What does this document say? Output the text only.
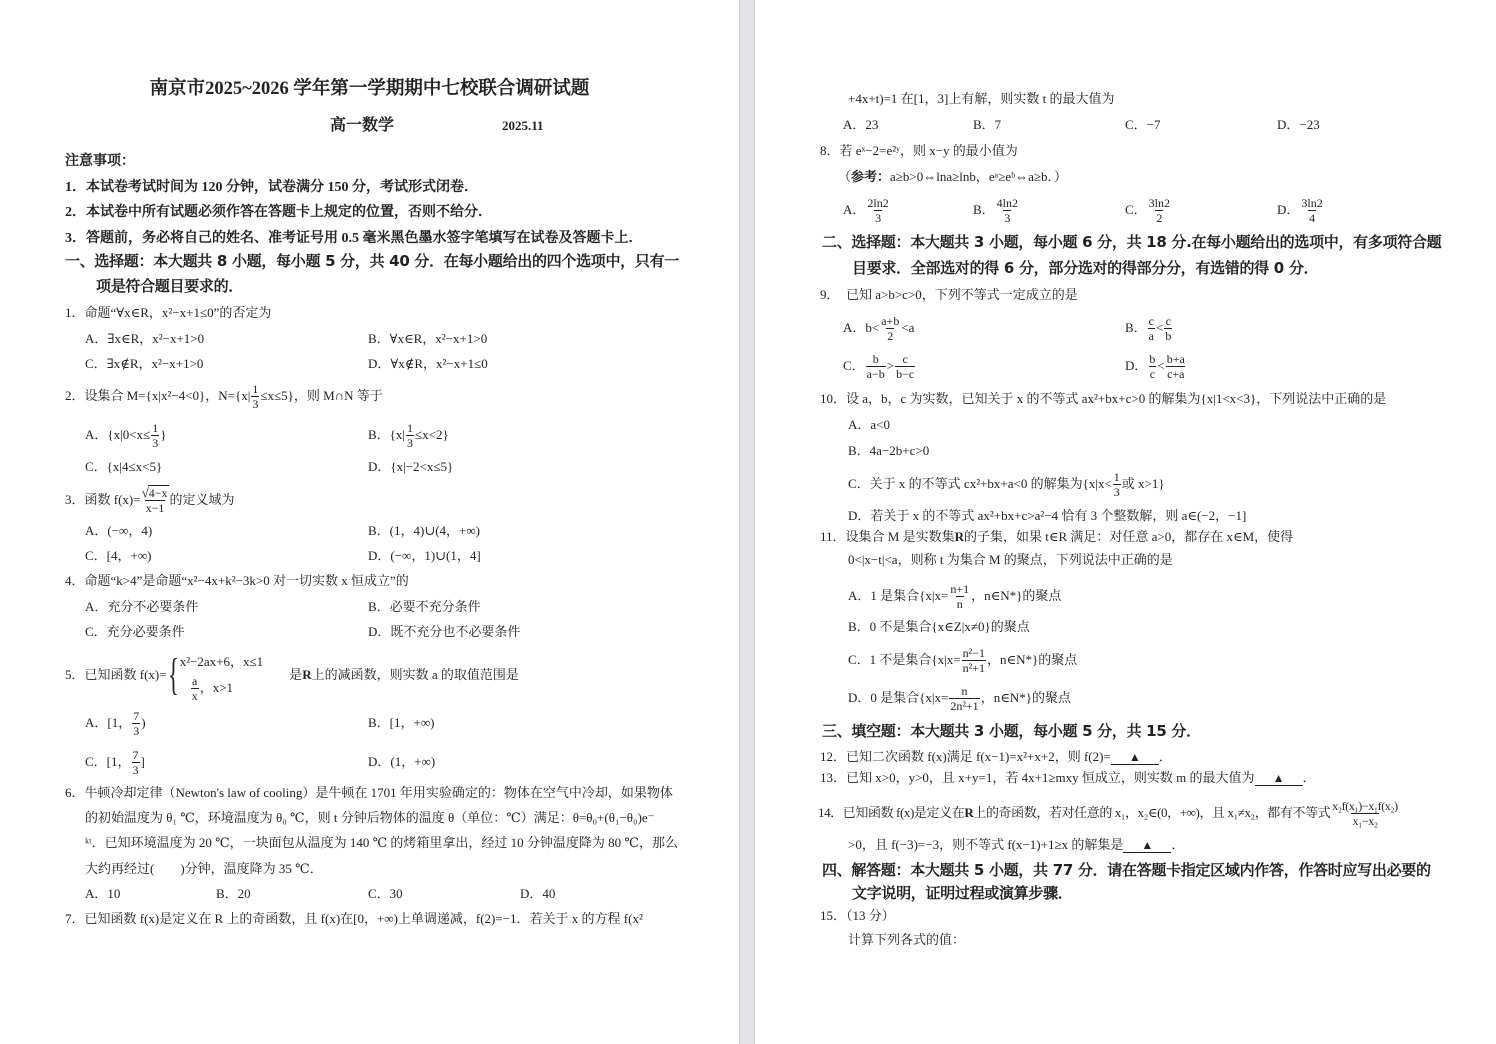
南京市2025~2026 学年第一学期期中七校联合调研试题
高一数学	2025.11
注意事项：
1．本试卷考试时间为 120 分钟，试卷满分 150 分，考试形式闭卷．
2．本试卷中所有试题必须作答在答题卡上规定的位置，否则不给分．
3．答题前，务必将自己的姓名、准考证号用 0.5 毫米黑色墨水签字笔填写在试卷及答题卡上．
一、选择题：本大题共 8 小题，每小题 5 分，共 40 分．在每小题给出的四个选项中，只有一
项是符合题目要求的．
1．命题“∀x∈R，x²−x+1≤0”的否定为
A．∃x∈R，x²−x+1>0	B．∀x∈R，x²−x+1>0
C．∃x∉R，x²−x+1>0	D．∀x∉R，x²−x+1≤0
2．设集合 M={x|x²−4<0}，$N=\{x| \frac{1}{3} \le x\le 5\}$，则 M∩N 等于
A．{$x|0<x\le \frac{1}{3}$ }	B．$\{x| \frac{1}{3} \le x<2\}$
C．{x|4≤x<5}	D．{x|−2<x≤5}
3．函数 $f(x)= \frac{√ 4-x}{x-1}$ 的定义域为
A．(−∞，4)	B．(1，4)∪(4，+∞)
C．[4，+∞)	D．(−∞，1)∪(1，4]
4．命题“k>4”是命题“x²−4x+k²−3k>0 对一切实数 x 恒成立”的
A．充分不必要条件	B．必要不充分条件
C．充分必要条件	D．既不充分也不必要条件
5．已知函数 f(x)= { x²−2ax+6，x≤1
$\frac{a}{x}$ ，x>1
　　是 R 上的减函数，则实数 a 的取值范围是
A．[1， $\frac{7}{3}$ )	B．[1，+∞)
C．[1， $\frac{7}{3}$ ]	D．(1，+∞)
6．牛顿冷却定律（Newton's law of cooling）是牛顿在 1701 年用实验确定的：物体在空气中冷却，如果物体
的初始温度为 θ₁ ℃，环境温度为 θ₀ ℃，则 t 分钟后物体的温度 θ（单位：℃）满足：θ=θ₀+(θ₁−θ₀)e⁻
ᵏᵗ．已知环境温度为 20 ℃，一块面包从温度为 140 ℃ 的烤箱里拿出，经过 10 分钟温度降为 80 ℃，那么
大约再经过(　　)分钟，温度降为 35 ℃．
A．10	B．20	C．30	D．40
7．已知函数 f(x)是定义在 R 上的奇函数，且 f(x)在[0，+∞)上单调递减，f(2)=−1．若关于 x 的方程 f(x²
+4x+t)=1 在[1，3]上有解，则实数 t 的最大值为
A．23	B．7	C．−7	D．−23
8．若 eˣ−2=e²ʸ，则 x−y 的最小值为
（ 参考： a≥b>0⇔lna≥lnb，eᵃ≥eᵇ⇔a≥b．）
A． $\frac{2\ln 2}{3}$	B． $\frac{4\ln 2}{3}$	C． $\frac{3\ln 2}{2}$	D． $\frac{3\ln 2}{4}$
二、选择题：本大题共 3 小题，每小题 6 分，共 18 分.在每小题给出的选项中，有多项符合题
目要求．全部选对的得 6 分，部分选对的得部分分，有选错的得 0 分．
9．　已知 a>b>c>0，下列不等式一定成立的是
A．$b< \frac{a+b}{2} <a$	B． $\frac{c}{a} < \frac{c}{b}$
C． $\frac{b}{a-b} > \frac{c}{b-c}$	D． $\frac{b}{c} < \frac{b+a}{c+a}$
10．设 a，b，c 为实数，已知关于 x 的不等式 ax²+bx+c>0 的解集为{x|1<x<3}，下列说法中正确的是
A．a<0
B．4a−2b+c>0
C．关于 x 的不等式 cx²+bx+a<0 的解集为{$x|x< \frac{1}{3}$ 或 x>1}
D．若关于 x 的不等式 ax²+bx+c>a²−4 恰有 3 个整数解，则 a∈(−2，−1]
11．设集合 M 是实数集 R 的子集，如果 t∈R 满足：对任意 a>0，都存在 x∈M，使得
0<|x−t|<a，则称 t 为集合 M 的聚点，下列说法中正确的是
A．1 是集合{$x|x= \frac{n+1}{n}$ ，n∈N*}的聚点
B．0 不是集合{x∈Z|x≠0}的聚点
C．1 不是集合{$x|x= \frac{\text{n²−1}}{\text{n²+1}}$ ，n∈N*}的聚点
D．0 是集合{$x|x= \frac{n}{\text{2n²+1}}$ ，n∈N*}的聚点
三、填空题：本大题共 3 小题，每小题 5 分，共 15 分．
12．已知二次函数 f(x)满足 f(x−1)=x²+x+2，则 f(2)=	▲	．
13．已知 x>0，y>0，且 x+y=1，若 4x+1≥mxy 恒成立，则实数 m 的最大值为	▲	．
14．已知函数 f(x)是定义在 R 上的奇函数，若对任意的 x₁，x₂∈(0，+∞)，且 x₁≠x₂，都有不等式 $\frac{\text{x₂f(x₁)−x₁f(x₂)}}{\text{x₁−x₂}}$
>0，且 f(−3)=−3，则不等式 f(x−1)+1≥x 的解集是	▲	．
四、解答题：本大题共 5 小题，共 77 分．请在答题卡指定区域内作答，作答时应写出必要的
文字说明，证明过程或演算步骤．
15．（13 分）
计算下列各式的值：
